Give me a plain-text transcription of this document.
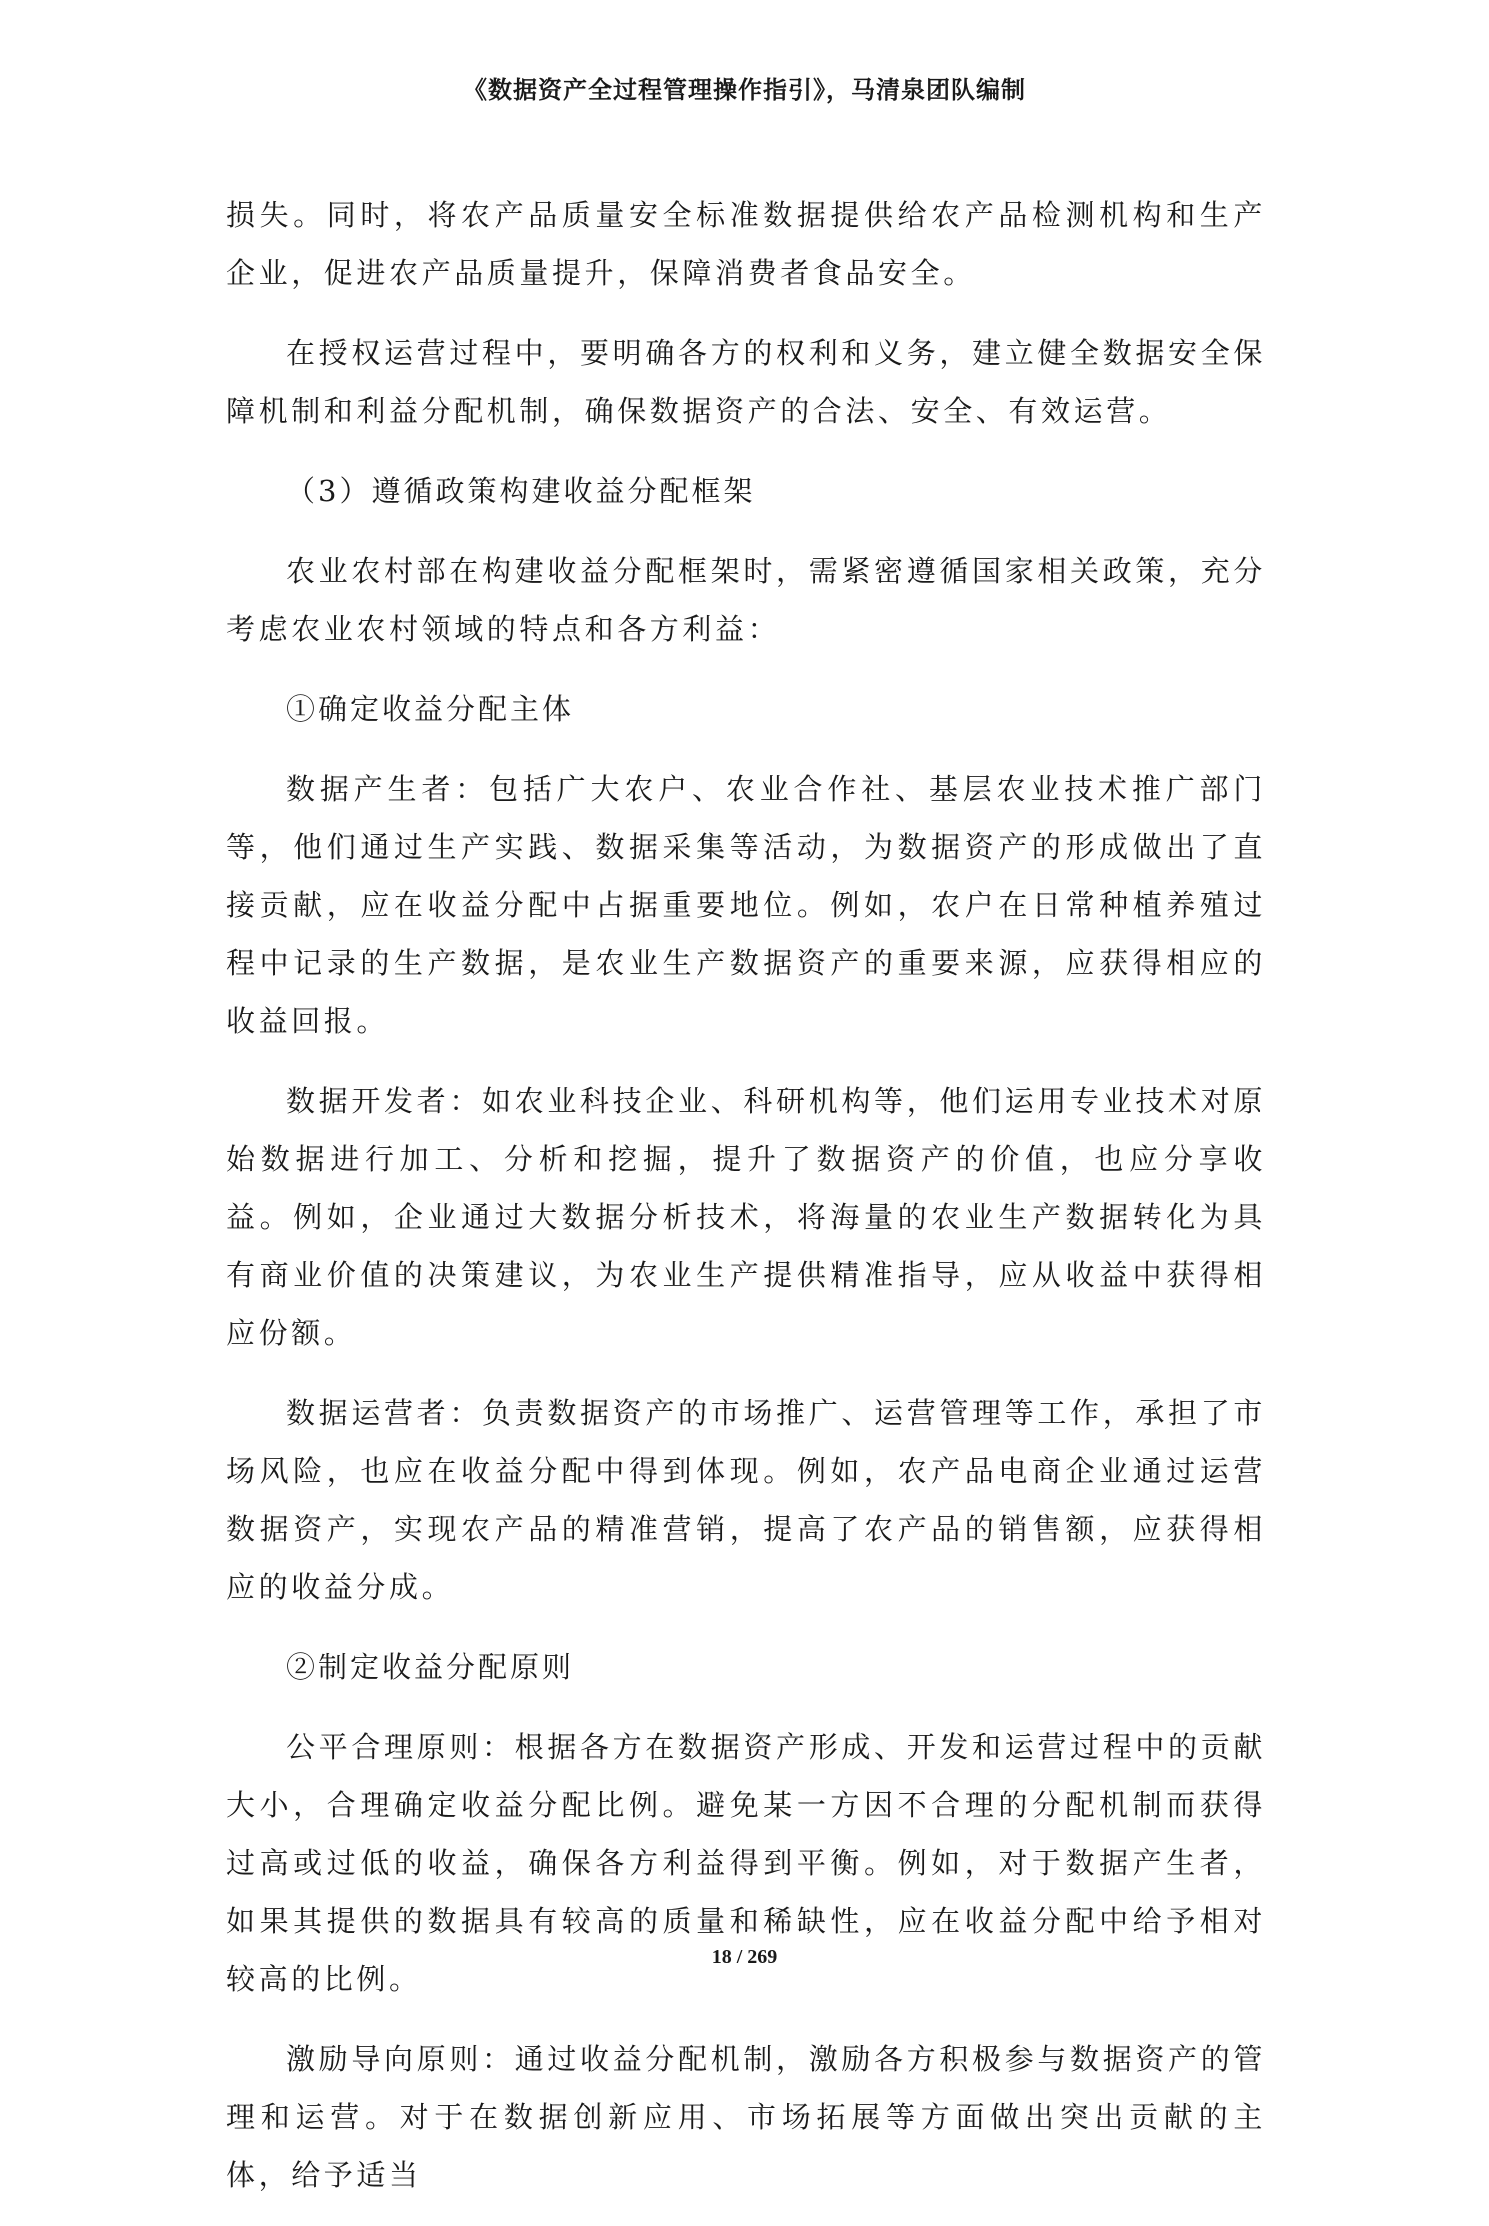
《数据资产全过程管理操作指引》，马清泉团队编制

损失。同时，将农产品质量安全标准数据提供给农产品检测机构和生产企业，促进农产品质量提升，保障消费者食品安全。

在授权运营过程中，要明确各方的权利和义务，建立健全数据安全保障机制和利益分配机制，确保数据资产的合法、安全、有效运营。

（3）遵循政策构建收益分配框架

农业农村部在构建收益分配框架时，需紧密遵循国家相关政策，充分考虑农业农村领域的特点和各方利益：

①确定收益分配主体

数据产生者：包括广大农户、农业合作社、基层农业技术推广部门等，他们通过生产实践、数据采集等活动，为数据资产的形成做出了直接贡献，应在收益分配中占据重要地位。例如，农户在日常种植养殖过程中记录的生产数据，是农业生产数据资产的重要来源，应获得相应的收益回报。

数据开发者：如农业科技企业、科研机构等，他们运用专业技术对原始数据进行加工、分析和挖掘，提升了数据资产的价值，也应分享收益。例如，企业通过大数据分析技术，将海量的农业生产数据转化为具有商业价值的决策建议，为农业生产提供精准指导，应从收益中获得相应份额。

数据运营者：负责数据资产的市场推广、运营管理等工作，承担了市场风险，也应在收益分配中得到体现。例如，农产品电商企业通过运营数据资产，实现农产品的精准营销，提高了农产品的销售额，应获得相应的收益分成。

②制定收益分配原则

公平合理原则：根据各方在数据资产形成、开发和运营过程中的贡献大小，合理确定收益分配比例。避免某一方因不合理的分配机制而获得过高或过低的收益，确保各方利益得到平衡。例如，对于数据产生者，如果其提供的数据具有较高的质量和稀缺性，应在收益分配中给予相对较高的比例。

激励导向原则：通过收益分配机制，激励各方积极参与数据资产的管理和运营。对于在数据创新应用、市场拓展等方面做出突出贡献的主体，给予适当

18 / 269
